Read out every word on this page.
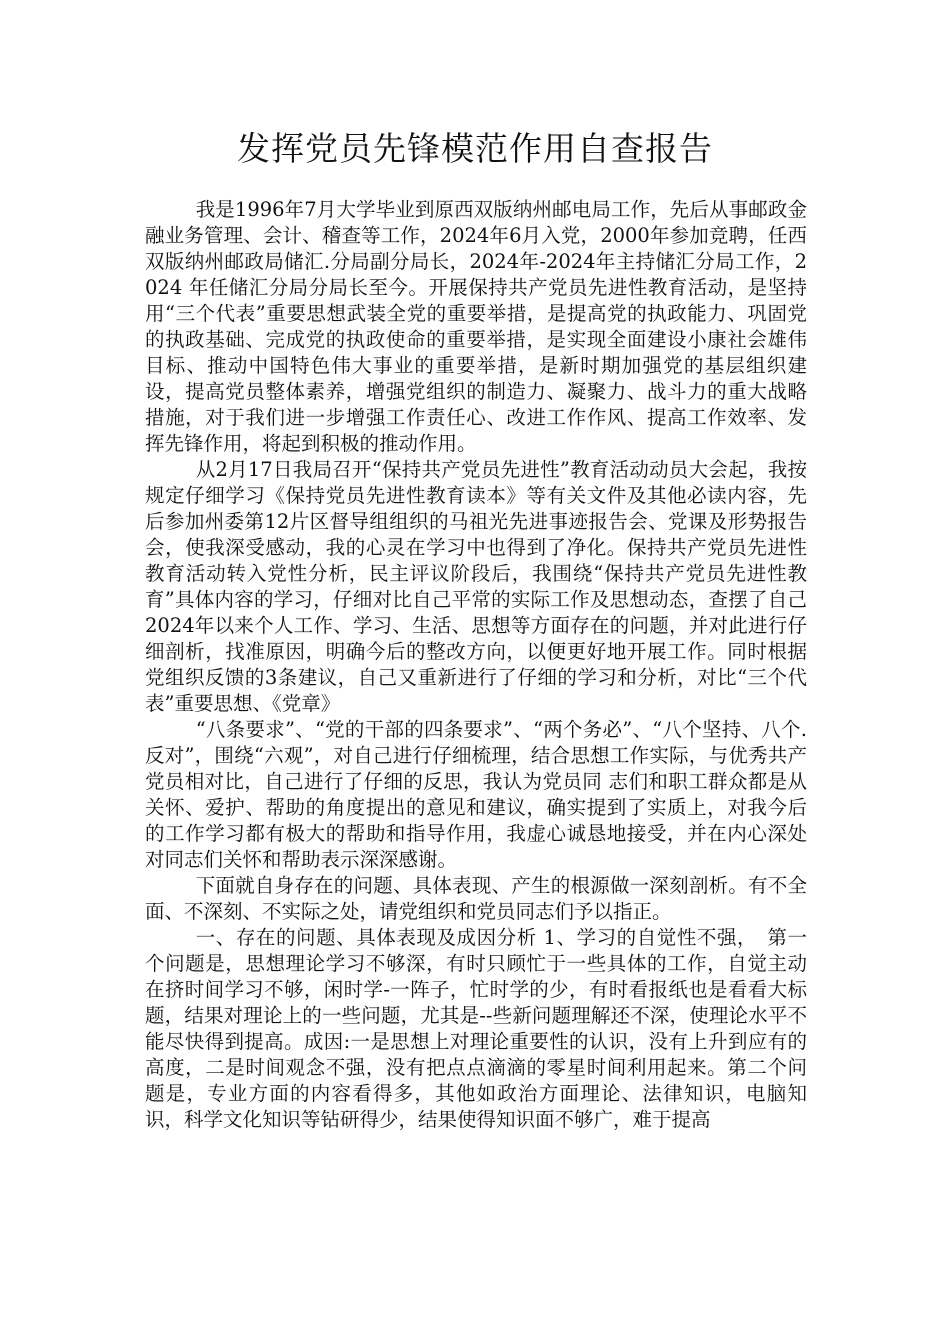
发挥党员先锋模范作用自查报告

我是1996年7月大学毕业到原西双版纳州邮电局工作，先后从事邮政金融业务管理、会计、稽查等工作，2024年6月入党，2000年参加竞聘，任西双版纳州邮政局储汇.分局副分局长，2024年-2024年主持储汇分局工作，2024 年任储汇分局分局长至今。开展保持共产党员先进性教育活动，是坚持用“三个代表”重要思想武装全党的重要举措，是提高党的执政能力、巩固党的执政基础、完成党的执政使命的重要举措，是实现全面建设小康社会雄伟目标、推动中国特色伟大事业的重要举措，是新时期加强党的基层组织建设，提高党员整体素养，增强党组织的制造力、凝聚力、战斗力的重大战略措施，对于我们进一步增强工作责任心、改进工作作风、提高工作效率、发挥先锋作用，将起到积极的推动作用。

从2月17日我局召开“保持共产党员先进性”教育活动动员大会起，我按规定仔细学习《保持党员先进性教育读本》等有关文件及其他必读内容，先后参加州委第12片区督导组组织的马祖光先进事迹报告会、党课及形势报告会，使我深受感动，我的心灵在学习中也得到了净化。保持共产党员先进性教育活动转入党性分析，民主评议阶段后，我围绕“保持共产党员先进性教育”具体内容的学习，仔细对比自己平常的实际工作及思想动态，查摆了自己2024年以来个人工作、学习、生活、思想等方面存在的问题，并对此进行仔细剖析，找准原因，明确今后的整改方向，以便更好地开展工作。同时根据党组织反馈的3条建议，自己又重新进行了仔细的学习和分析，对比“三个代表”重要思想、《党章》

“八条要求”、“党的干部的四条要求”、“两个务必”、“八个坚持、八个.反对”，围绕“六观”，对自己进行仔细梳理，结合思想工作实际，与优秀共产党员相对比，自己进行了仔细的反思，我认为党员同 志们和职工群众都是从关怀、爱护、帮助的角度提出的意见和建议，确实提到了实质上，对我今后的工作学习都有极大的帮助和指导作用，我虚心诚恳地接受，并在内心深处对同志们关怀和帮助表示深深感谢。

下面就自身存在的问题、具体表现、产生的根源做一深刻剖析。有不全面、不深刻、不实际之处，请党组织和党员同志们予以指正。

一、存在的问题、具体表现及成因分析 1、学习的自觉性不强，　第一个问题是，思想理论学习不够深，有时只顾忙于一些具体的工作，自觉主动在挤时间学习不够，闲时学-一阵子，忙时学的少，有时看报纸也是看看大标题，结果对理论上的一些问题，尤其是--些新问题理解还不深，使理论水平不能尽快得到提高。成因:一是思想上对理论重要性的认识，没有上升到应有的高度，二是时间观念不强，没有把点点滴滴的零星时间利用起来。第二个问题是，专业方面的内容看得多，其他如政治方面理论、法律知识，电脑知识，科学文化知识等钻研得少，结果使得知识面不够广，难于提高
